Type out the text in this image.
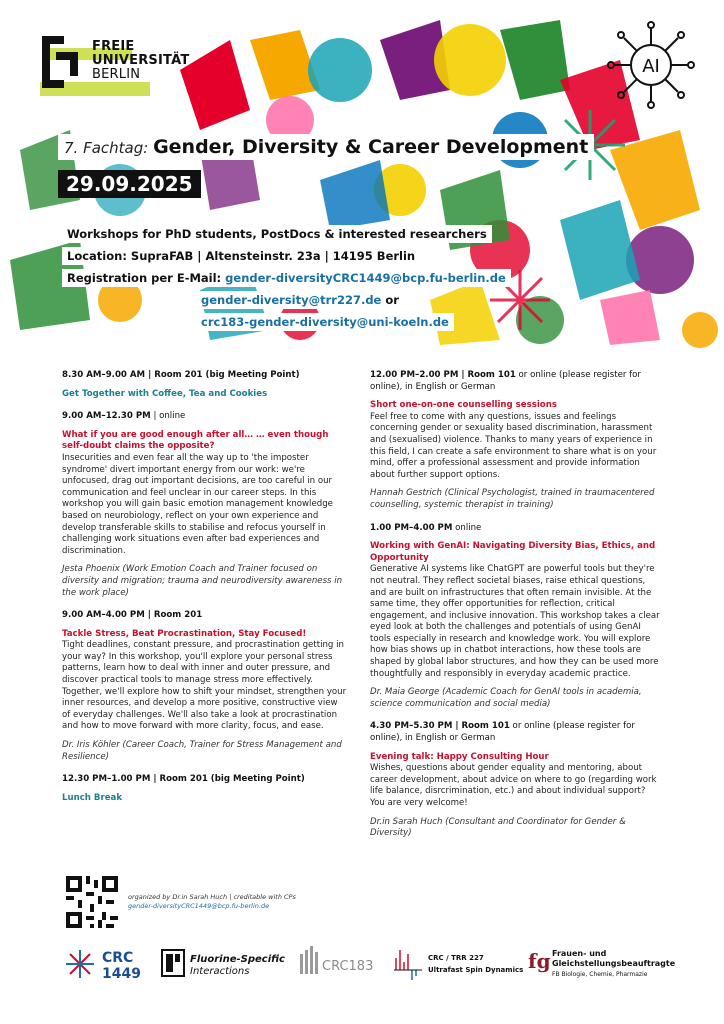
FREIE
UNIVERSITÄT
BERLIN	AI
7. Fachtag: Gender, Diversity & Career Development
29.09.2025
Workshops for PhD students, PostDocs & interested researchers
Location: SupraFAB | Altensteinstr. 23a | 14195 Berlin
Registration per E-Mail: gender-diversityCRC1449@bcp.fu-berlin.de
gender-diversity@trr227.de or
crc183-gender-diversity@uni-koeln.de
8.30 AM–9.00 AM | Room 201 (big Meeting Point)
Get Together with Coffee, Tea and Cookies
9.00 AM–12.30 PM | online
What if you are good enough after all… … even though self-doubt claims the opposite?
Insecurities and even fear all the way up to 'the imposter syndrome' divert important energy from our work: we're unfocused, drag out important decisions, are too careful in our communication and feel unclear in our career steps. In this workshop you will gain basic emotion management knowledge based on neurobiology, reflect on your own experience and develop transferable skills to stabilise and refocus yourself in challenging work situations even after bad experiences and discrimination.
Jesta Phoenix (Work Emotion Coach and Trainer focused on diversity and migration; trauma and neurodiversity awareness in the work place)
9.00 AM–4.00 PM | Room 201
Tackle Stress, Beat Procrastination, Stay Focused!
Tight deadlines, constant pressure, and procrastination getting in your way? In this workshop, you'll explore your personal stress patterns, learn how to deal with inner and outer pressure, and discover practical tools to manage stress more effectively. Together, we'll explore how to shift your mindset, strengthen your inner resources, and develop a more positive, constructive view of everyday challenges. We'll also take a look at procrastination and how to move forward with more clarity, focus, and ease.
Dr. Iris Köhler (Career Coach, Trainer for Stress Management and Resilience)
12.30 PM–1.00 PM | Room 201 (big Meeting Point)
Lunch Break
12.00 PM–2.00 PM | Room 101 or online (please register for online), in English or German
Short one-on-one counselling sessions
Feel free to come with any questions, issues and feelings concerning gender or sexuality based discrimination, harassment and (sexualised) violence. Thanks to many years of experience in this field, I can create a safe environment to share what is on your mind, offer a professional assessment and provide information about further support options.
Hannah Gestrich (Clinical Psychologist, trained in traumacentered counselling, systemic therapist in training)
1.00 PM–4.00 PM online
Working with GenAI: Navigating Diversity Bias, Ethics, and Opportunity
Generative AI systems like ChatGPT are powerful tools but they're not neutral. They reflect societal biases, raise ethical questions, and are built on infrastructures that often remain invisible. At the same time, they offer opportunities for reflection, critical engagement, and inclusive innovation. This workshop takes a clear eyed look at both the challenges and potentials of using GenAI tools especially in research and knowledge work. You will explore how bias shows up in chatbot interactions, how these tools are shaped by global labor structures, and how they can be used more thoughtfully and responsibly in everyday academic practice.
Dr. Maia George (Academic Coach for GenAI tools in academia, science communication and social media)
4.30 PM–5.30 PM | Room 101 or online (please register for online), in English or German
Evening talk: Happy Consulting Hour
Wishes, questions about gender equality and mentoring, about career development, about advice on where to go (regarding work life balance, disrcrimination, etc.) and about individual support? You are very welcome!
Dr.in Sarah Huch (Consultant and Coordinator for Gender & Diversity)
organized by Dr.in Sarah Huch | creditable with CPs
gender-diversityCRC1449@bcp.fu-berlin.de
CRC
1449
Fluorine-Specific
Interactions	CRC183
CRC / TRR 227
Ultrafast Spin Dynamics fg Frauen- und
Gleichstellungsbeauftragte
FB Biologie, Chemie, Pharmazie
